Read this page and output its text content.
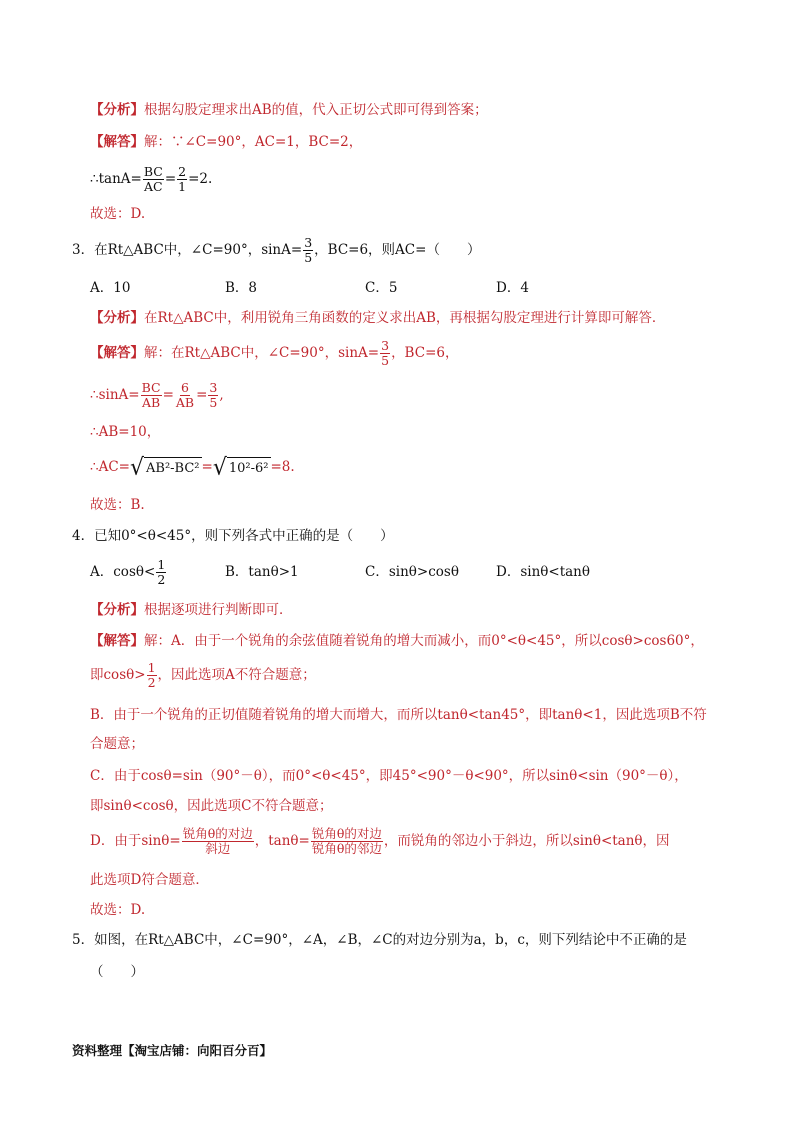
【分析】根据勾股定理求出AB的值，代入正切公式即可得到答案；
【解答】解：∵∠C=90°，AC=1，BC=2，
∴tanA= $\frac{BC}{AC} = \frac{2}{1} =2$.
故选：D.
3．在Rt△ABC中，∠C=90°，$\sin A= \frac{3}{5}$ ，BC=6，则AC=（　　）
A．10	B．8	C．5	D．4
【分析】在Rt△ABC中，利用锐角三角函数的定义求出AB，再根据勾股定理进行计算即可解答．
【解答】解：在Rt△ABC中，∠C=90°，$\sin A= \frac{3}{5}$ ，BC=6，
∴sinA= $\frac{BC}{AB} = \frac{6}{AB} = \frac{3}{5}$ ,
∴AB=10，
∴AC= √ AB²-BC² = √ 10²-6² =8.
故选：B.
4．已知0°<θ<45°，则下列各式中正确的是（　　）
A．$\cos\theta< \frac{1}{2}$	B．tanθ>1	C．sinθ>cosθ	D．sinθ<tanθ
【分析】根据逐项进行判断即可．
【解答】解：A．由于一个锐角的余弦值随着锐角的增大而减小，而0°<θ<45°，所以cosθ>cos60°，
即$\cos\theta> \frac{1}{2}$ ，因此选项A不符合题意；
B．由于一个锐角的正切值随着锐角的增大而增大，而所以tanθ<tan45°，即tanθ<1，因此选项B不符
合题意；
C．由于cosθ=sin（90°－θ），而0°<θ<45°，即45°<90°－θ<90°，所以sinθ<sin（90°－θ），
即sinθ<cosθ，因此选项C不符合题意；
D．由于$\sin\theta= \frac{\text{锐角θ的对边}}{\text{斜边}}$ ，$\tan\theta= \frac{\text{锐角θ的对边}}{\text{锐角θ的邻边}}$ ，而锐角的邻边小于斜边，所以sinθ<tanθ，因
此选项D符合题意．
故选：D.
5．如图，在Rt△ABC中，∠C=90°，∠A，∠B，∠C的对边分别为a，b，c，则下列结论中不正确的是
（　　）
资料整理【淘宝店铺：向阳百分百】
